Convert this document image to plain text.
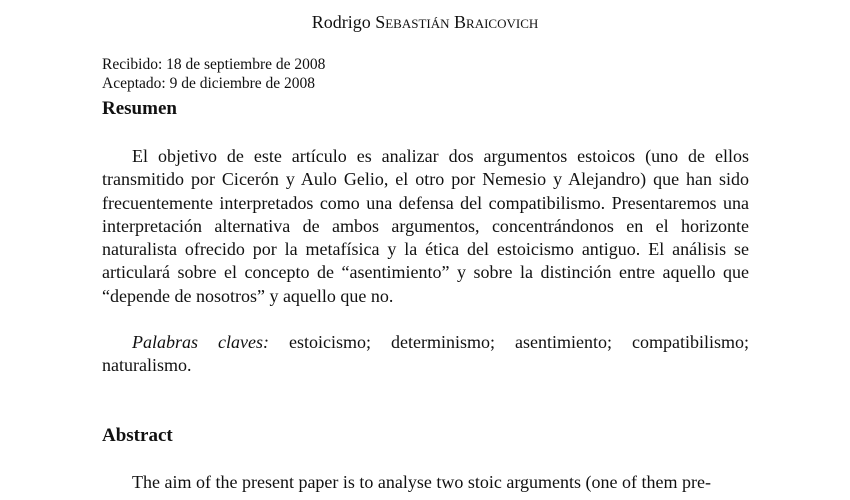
Rodrigo Sebastián Braicovich
Recibido: 18 de septiembre de 2008
Aceptado: 9 de diciembre de 2008
Resumen
El objetivo de este artículo es analizar dos argumentos estoicos (uno de ellos transmitido por Cicerón y Aulo Gelio, el otro por Nemesio y Alejandro) que han sido frecuentemente interpretados como una defensa del compatibilismo. Presentaremos una interpretación alternativa de ambos argumentos, concentrándonos en el horizonte naturalista ofrecido por la metafísica y la ética del estoicismo antiguo. El análisis se articulará sobre el concepto de “asentimiento” y sobre la distinción entre aquello que “depende de nosotros” y aquello que no.
Palabras claves: estoicismo; determinismo; asentimiento; compatibilismo; naturalismo.
Abstract
The aim of the present paper is to analyse two stoic arguments (one of them pre-
